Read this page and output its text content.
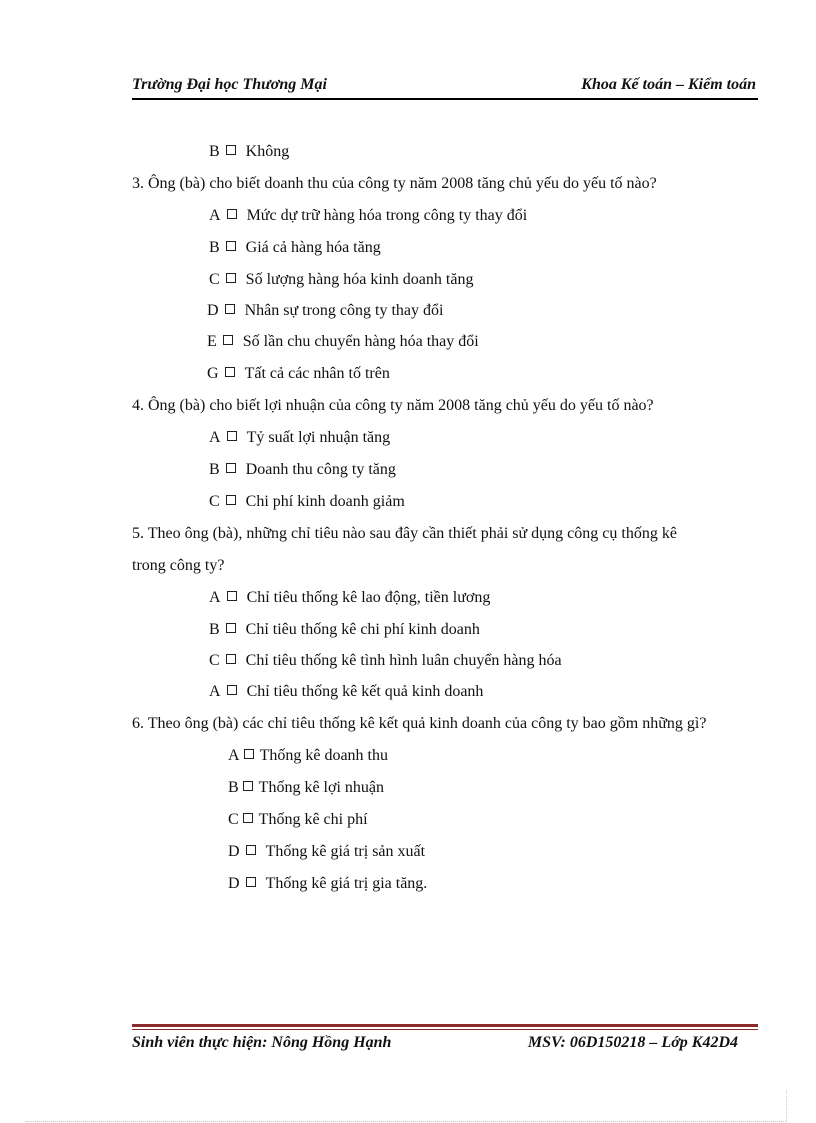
Trường Đại học Thương Mại	Khoa Kế toán – Kiểm toán
B Không
3. Ông (bà) cho biết doanh thu của công ty năm 2008 tăng chủ yếu do yếu tố nào?
A Mức dự trữ hàng hóa trong công ty thay đổi
B Giá cả hàng hóa tăng
C Số lượng hàng hóa kinh doanh tăng
D Nhân sự trong công ty thay đổi
E Số lần chu chuyển hàng hóa thay đổi
G Tất cả các nhân tố trên
4. Ông (bà) cho biết lợi nhuận của công ty năm 2008 tăng chủ yếu do yếu tố nào?
A Tỷ suất lợi nhuận tăng
B Doanh thu công ty tăng
C Chi phí kinh doanh giảm
5. Theo ông (bà), những chỉ tiêu nào sau đây cần thiết phải sử dụng công cụ thống kê
trong công ty?
A Chỉ tiêu thống kê lao động, tiền lương
B Chỉ tiêu thống kê chi phí kinh doanh
C Chỉ tiêu thống kê tình hình luân chuyển hàng hóa
A Chỉ tiêu thống kê kết quả kinh doanh
6. Theo ông (bà) các chỉ tiêu thống kê kết quả kinh doanh của công ty bao gồm những gì?
A Thống kê doanh thu
B Thống kê lợi nhuận
C Thống kê chi phí
D Thống kê giá trị sản xuất
D Thống kê giá trị gia tăng.
Sinh viên thực hiện: Nông Hồng Hạnh	MSV: 06D150218 – Lớp K42D4
